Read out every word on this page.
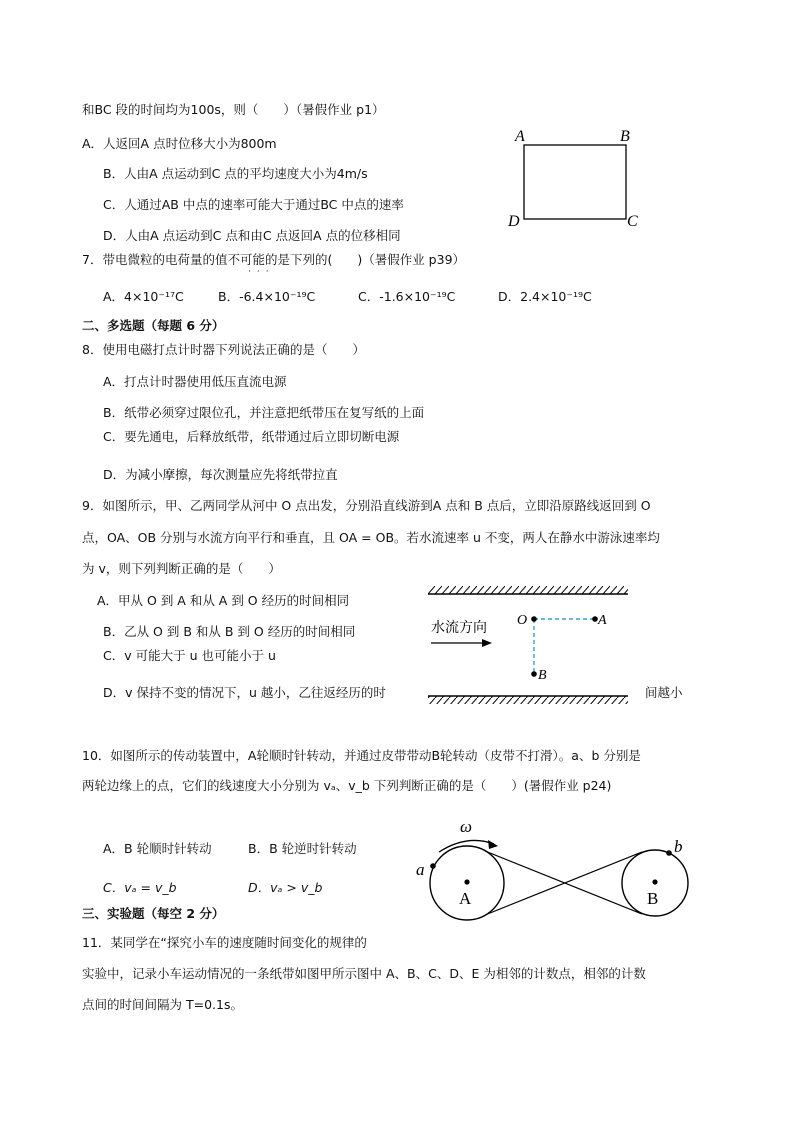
和BC 段的时间均为100s，则（　　）（暑假作业 p1）
A．人返回A 点时位移大小为800m
B．人由A 点运动到C 点的平均速度大小为4m/s
C．人通过AB 中点的速率可能大于通过BC 中点的速率
D．人由A 点运动到C 点和由C 点返回A 点的位移相同
A	B
C
D
7．带电微粒的电荷量的值不可能的是下列的(　　)（暑假作业 p39）
···
A．4×10⁻¹⁷C	B．-6.4×10⁻¹⁹C	C．-1.6×10⁻¹⁹C	D．2.4×10⁻¹⁹C
二、多选题（每题 6 分）
8．使用电磁打点计时器下列说法正确的是（　　）
A．打点计时器使用低压直流电源
B．纸带必须穿过限位孔，并注意把纸带压在复写纸的上面
C．要先通电，后释放纸带，纸带通过后立即切断电源
D．为减小摩擦，每次测量应先将纸带拉直
9．如图所示，甲、乙两同学从河中 O 点出发，分别沿直线游到A 点和 B 点后，立即沿原路线返回到 O
点，OA、OB 分别与水流方向平行和垂直，且 OA = OB。若水流速率 u 不变，两人在静水中游泳速率均
为 v，则下列判断正确的是（　　）
A．甲从 O 到 A 和从 A 到 O 经历的时间相同
B．乙从 O 到 B 和从 B 到 O 经历的时间相同
C．v 可能大于 u 也可能小于 u
D．v 保持不变的情况下，u 越小，乙往返经历的时	间越小
水流方向
O	A
B
10．如图所示的传动装置中，A轮顺时针转动，并通过皮带带动B轮转动（皮带不打滑）。a、b 分别是
两轮边缘上的点，它们的线速度大小分别为 vₐ、v_b 下列判断正确的是（　　）(暑假作业 p24)
A．B 轮顺时针转动	B．B 轮逆时针转动
C．vₐ = v_b	D．vₐ > v_b
ω
a
b
A	B
三、实验题（每空 2 分）
11．某同学在“探究小车的速度随时间变化的规律的
实验中，记录小车运动情况的一条纸带如图甲所示图中 A、B、C、D、E 为相邻的计数点，相邻的计数
点间的时间间隔为 T=0.1s。
